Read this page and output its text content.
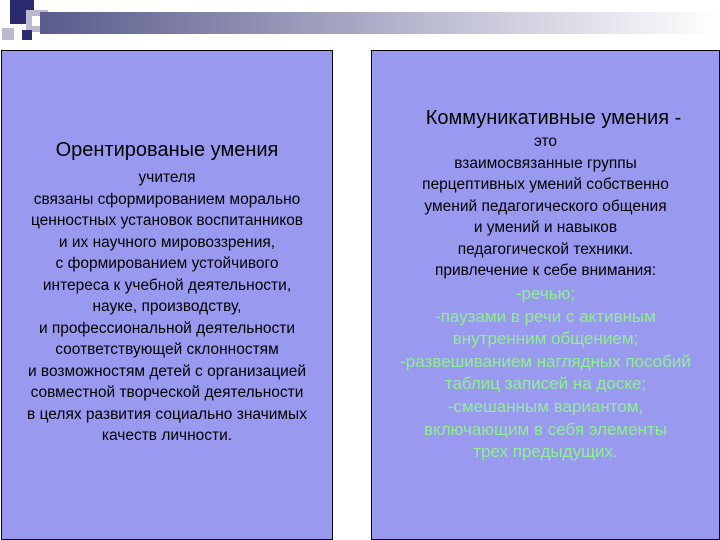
Орентированые умения
учителя
связаны сформированием морально
ценностных установок воспитанников
и их научного мировоззрения,
с формированием устойчивого
интереса к учебной деятельности,
науке, производству,
и профессиональной деятельности
соответствующей склонностям
и возможностям детей с организацией
совместной творческой деятельности
в целях развития социально значимых
качеств личности.
Коммуникативные умения -
это
взаимосвязанные группы
перцептивных умений собственно
умений педагогического общения
и умений и навыков
педагогической техники.
привлечение к себе внимания:
-речью;
-паузами в речи с активным
внутренним общением;
-развешиванием наглядных пособий
таблиц записей на доске;
-смешанным вариантом,
включающим в себя элементы
трех предыдущих.
